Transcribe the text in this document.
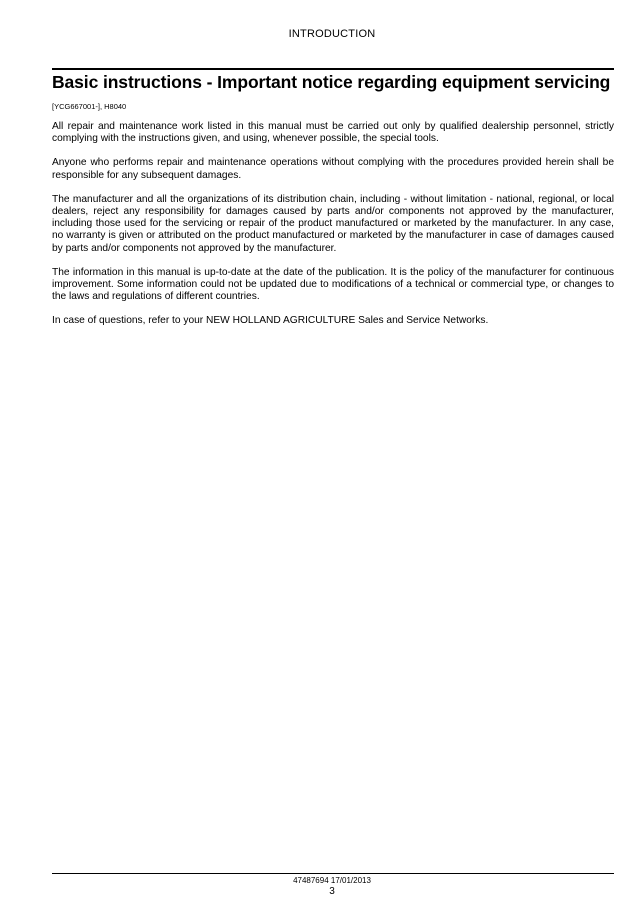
INTRODUCTION
Basic instructions - Important notice regarding equipment servicing
[YCG667001-], H8040

All repair and maintenance work listed in this manual must be carried out only by qualified dealership personnel, strictly complying with the instructions given, and using, whenever possible, the special tools.

Anyone who performs repair and maintenance operations without complying with the procedures provided herein shall be responsible for any subsequent damages.

The manufacturer and all the organizations of its distribution chain, including - without limitation - national, regional, or local dealers, reject any responsibility for damages caused by parts and/or components not approved by the manufacturer, including those used for the servicing or repair of the product manufactured or marketed by the manufacturer. In any case, no warranty is given or attributed on the product manufactured or marketed by the manufacturer in case of damages caused by parts and/or components not approved by the manufacturer.

The information in this manual is up-to-date at the date of the publication. It is the policy of the manufacturer for continuous improvement. Some information could not be updated due to modifications of a technical or commercial type, or changes to the laws and regulations of different countries.

In case of questions, refer to your NEW HOLLAND AGRICULTURE Sales and Service Networks.

47487694 17/01/2013
3
